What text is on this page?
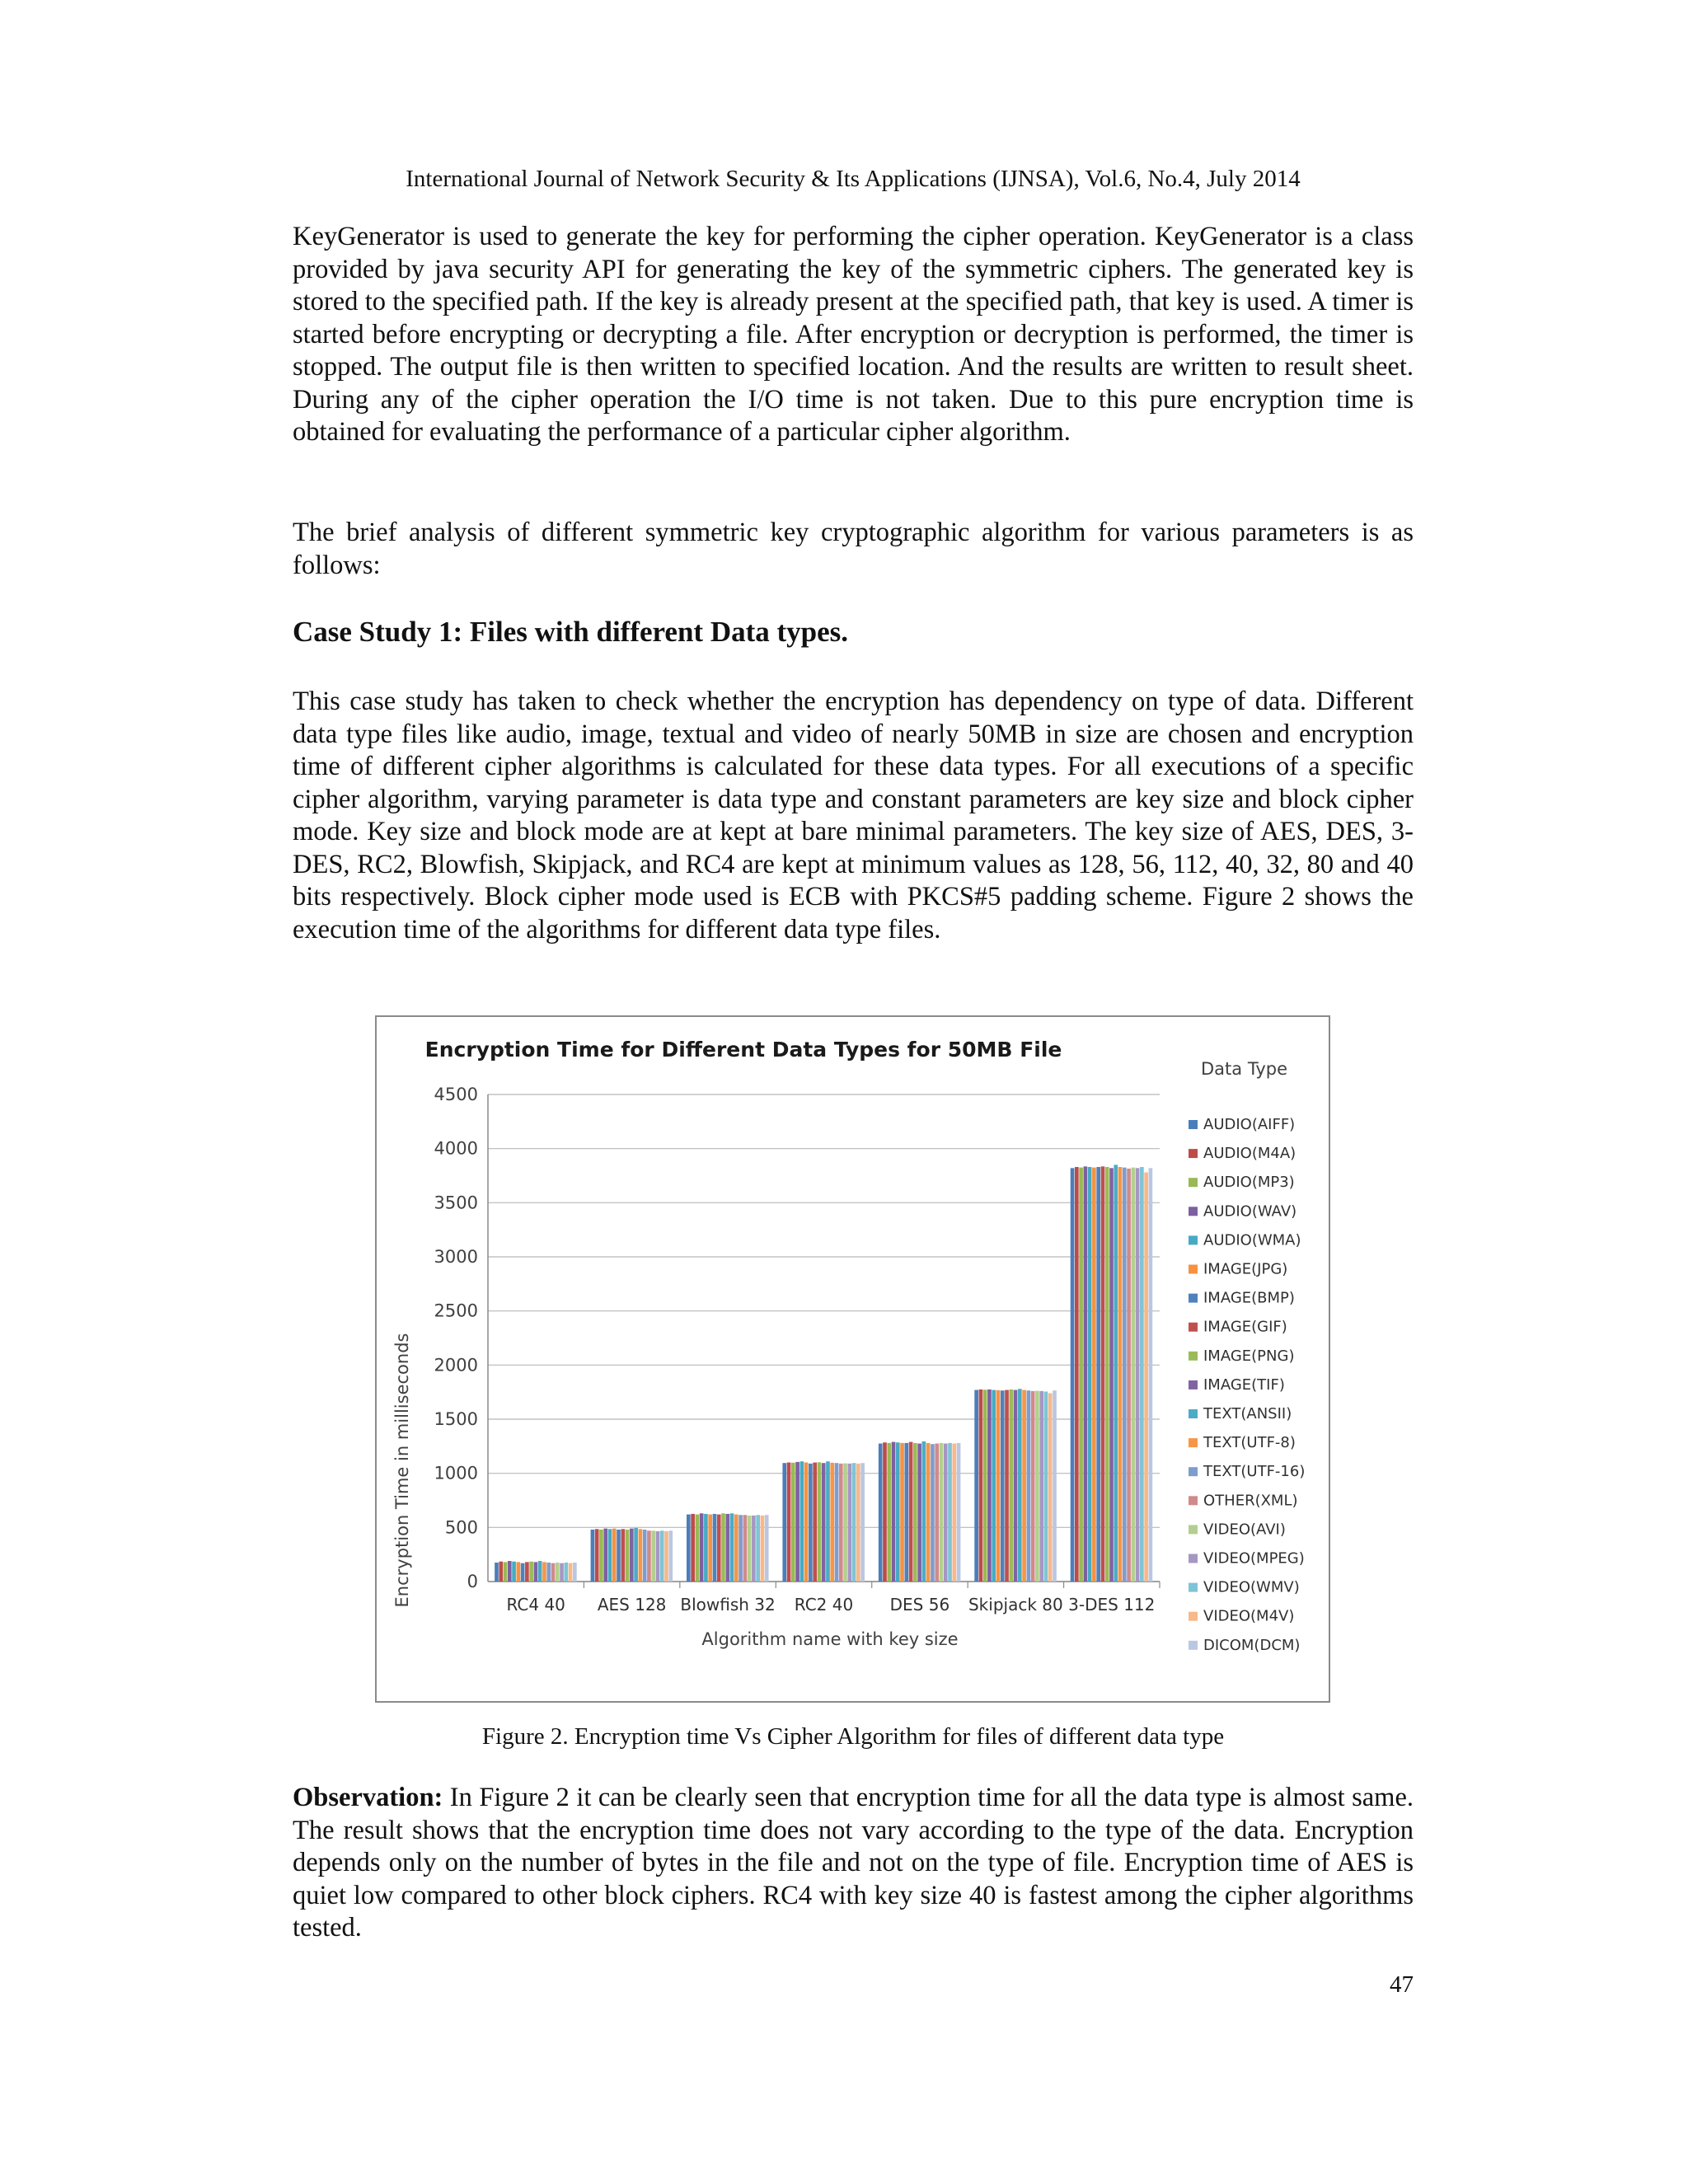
International Journal of Network Security & Its Applications (IJNSA), Vol.6, No.4, July 2014

KeyGenerator is used to generate the key for performing the cipher operation. KeyGenerator is a class provided by java security API for generating the key of the symmetric ciphers. The generated key is stored to the specified path. If the key is already present at the specified path, that key is used. A timer is started before encrypting or decrypting a file. After encryption or decryption is performed, the timer is stopped. The output file is then written to specified location. And the results are written to result sheet. During any of the cipher operation the I/O time is not taken. Due to this pure encryption time is obtained for evaluating the performance of a particular cipher algorithm.

The brief analysis of different symmetric key cryptographic algorithm for various parameters is as follows:

Case Study 1: Files with different Data types.

This case study has taken to check whether the encryption has dependency on type of data. Different data type files like audio, image, textual and video of nearly 50MB in size are chosen and encryption time of different cipher algorithms is calculated for these data types. For all executions of a specific cipher algorithm, varying parameter is data type and constant parameters are key size and block cipher mode. Key size and block mode are at kept at bare minimal parameters. The key size of AES, DES, 3-DES, RC2, Blowfish, Skipjack, and RC4 are kept at minimum values as 128, 56, 112, 40, 32, 80 and 40 bits respectively. Block cipher mode used is ECB with PKCS#5 padding scheme. Figure 2 shows the execution time of the algorithms for different data type files.

Encryption Time for Different Data Types for 50MB File
0
500
1000
1500
2000
2500
3000
3500
4000
4500
RC4 40 AES 128 Blowfish 32 RC2 40 DES 56 Skipjack 80 3-DES 112
Encryption Time in milliseconds
Algorithm name with key size
Data Type
AUDIO(AIFF)
AUDIO(M4A)
AUDIO(MP3)
AUDIO(WAV)
AUDIO(WMA)
IMAGE(JPG)
IMAGE(BMP)
IMAGE(GIF)
IMAGE(PNG)
IMAGE(TIF)
TEXT(ANSII)
TEXT(UTF-8)
TEXT(UTF-16)
OTHER(XML)
VIDEO(AVI)
VIDEO(MPEG)
VIDEO(WMV)
VIDEO(M4V)
DICOM(DCM)
Figure 2. Encryption time Vs Cipher Algorithm for files of different data type

Observation: In Figure 2 it can be clearly seen that encryption time for all the data type is almost same. The result shows that the encryption time does not vary according to the type of the data. Encryption depends only on the number of bytes in the file and not on the type of file. Encryption time of AES is quiet low compared to other block ciphers. RC4 with key size 40 is fastest among the cipher algorithms tested.

47
